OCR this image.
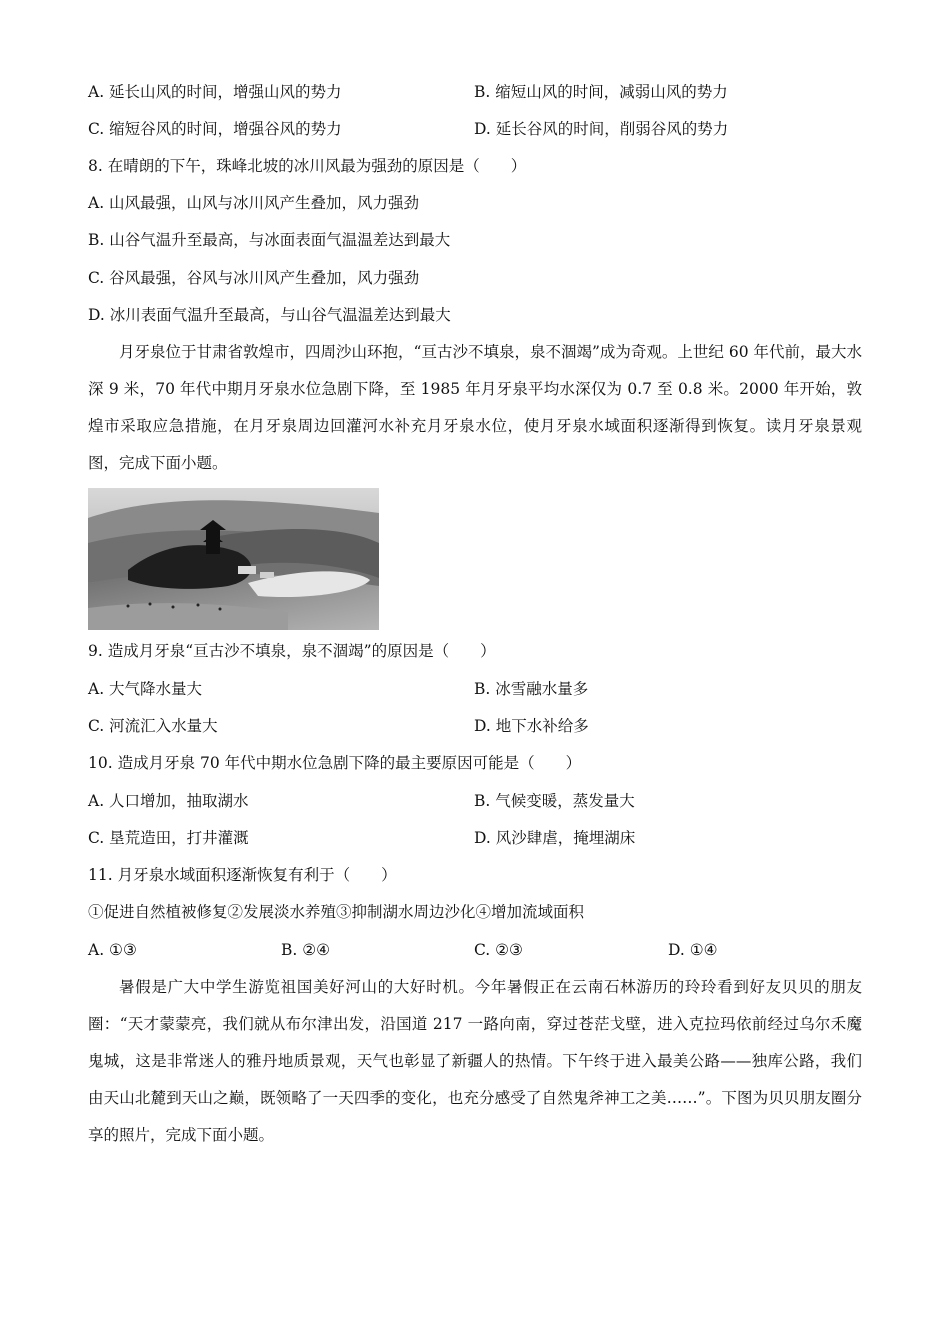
A. 延长山风的时间，增强山风的势力	B. 缩短山风的时间，减弱山风的势力
C. 缩短谷风的时间，增强谷风的势力	D. 延长谷风的时间，削弱谷风的势力
8. 在晴朗的下午，珠峰北坡的冰川风最为强劲的原因是（　　）
A. 山风最强，山风与冰川风产生叠加，风力强劲
B. 山谷气温升至最高，与冰面表面气温温差达到最大
C. 谷风最强，谷风与冰川风产生叠加，风力强劲
D. 冰川表面气温升至最高，与山谷气温温差达到最大
月牙泉位于甘肃省敦煌市，四周沙山环抱，“亘古沙不填泉，泉不涸竭”成为奇观。上世纪 60 年代前，最大水深 9 米，70 年代中期月牙泉水位急剧下降，至 1985 年月牙泉平均水深仅为 0.7 至 0.8 米。2000 年开始，敦煌市采取应急措施，在月牙泉周边回灌河水补充月牙泉水位，使月牙泉水域面积逐渐得到恢复。读月牙泉景观图，完成下面小题。
9. 造成月牙泉“亘古沙不填泉，泉不涸竭”的原因是（　　）
A. 大气降水量大	B. 冰雪融水量多
C. 河流汇入水量大	D. 地下水补给多
10. 造成月牙泉 70 年代中期水位急剧下降的最主要原因可能是（　　）
A. 人口增加，抽取湖水	B. 气候变暖，蒸发量大
C. 垦荒造田，打井灌溉	D. 风沙肆虐，掩埋湖床
11. 月牙泉水域面积逐渐恢复有利于（　　）
①促进自然植被修复②发展淡水养殖③抑制湖水周边沙化④增加流域面积
A. ①③	B. ②④	C. ②③	D. ①④
暑假是广大中学生游览祖国美好河山的大好时机。今年暑假正在云南石林游历的玲玲看到好友贝贝的朋友圈：“天才蒙蒙亮，我们就从布尔津出发，沿国道 217 一路向南，穿过苍茫戈壁，进入克拉玛依前经过乌尔禾魔鬼城，这是非常迷人的雅丹地质景观，天气也彰显了新疆人的热情。下午终于进入最美公路——独库公路，我们由天山北麓到天山之巅，既领略了一天四季的变化，也充分感受了自然鬼斧神工之美……”。下图为贝贝朋友圈分享的照片，完成下面小题。
